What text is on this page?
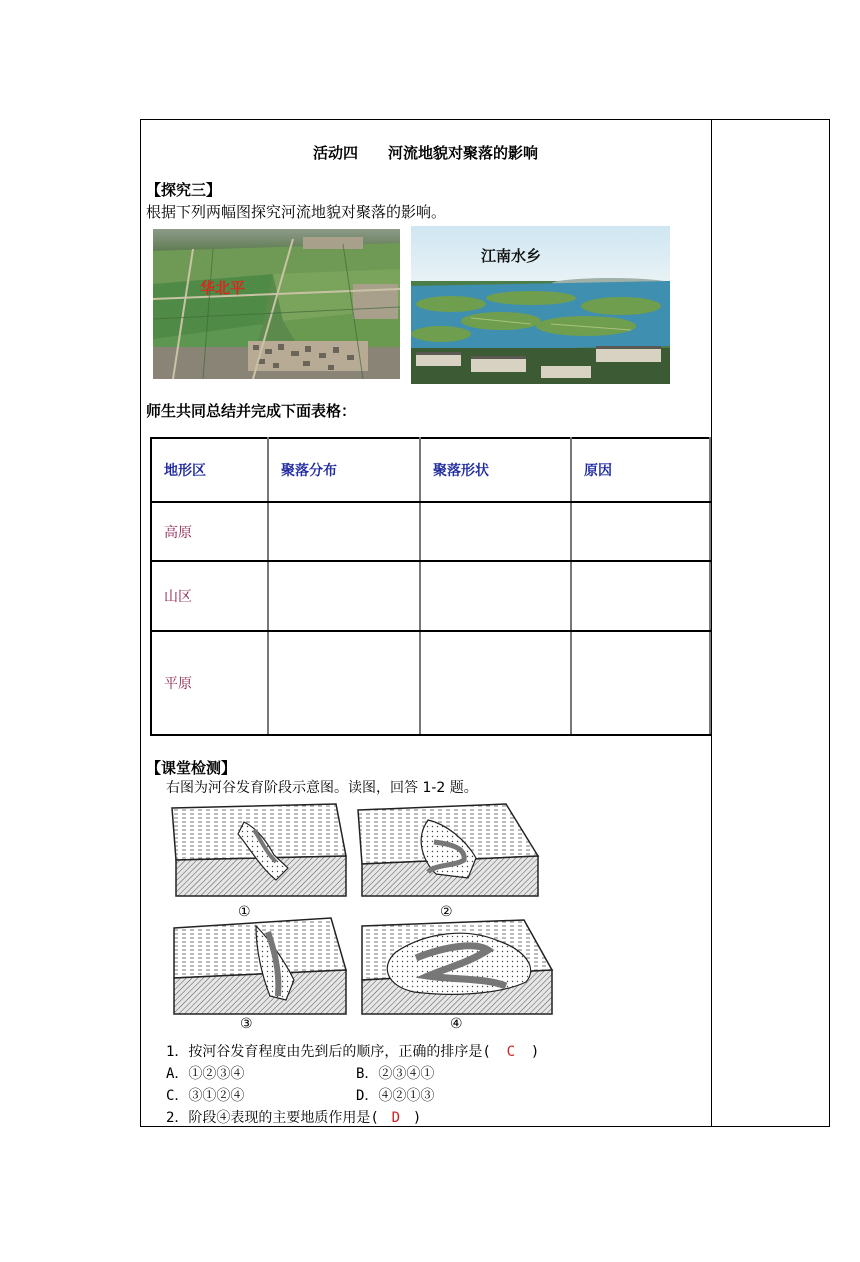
活动四　　河流地貌对聚落的影响
【探究三】
根据下列两幅图探究河流地貌对聚落的影响。
华北平
江南水乡
师生共同总结并完成下面表格：
地形区	聚落分布	聚落形状	原因
高原			
山区			
平原			
【课堂检测】
右图为河谷发育阶段示意图。读图，回答 1-2 题。
①	②
③	④
1．按河谷发育程度由先到后的顺序，正确的排序是( C )
A．①②③④	B．②③④①
C．③①②④	D．④②①③
2．阶段④表现的主要地质作用是( D )
